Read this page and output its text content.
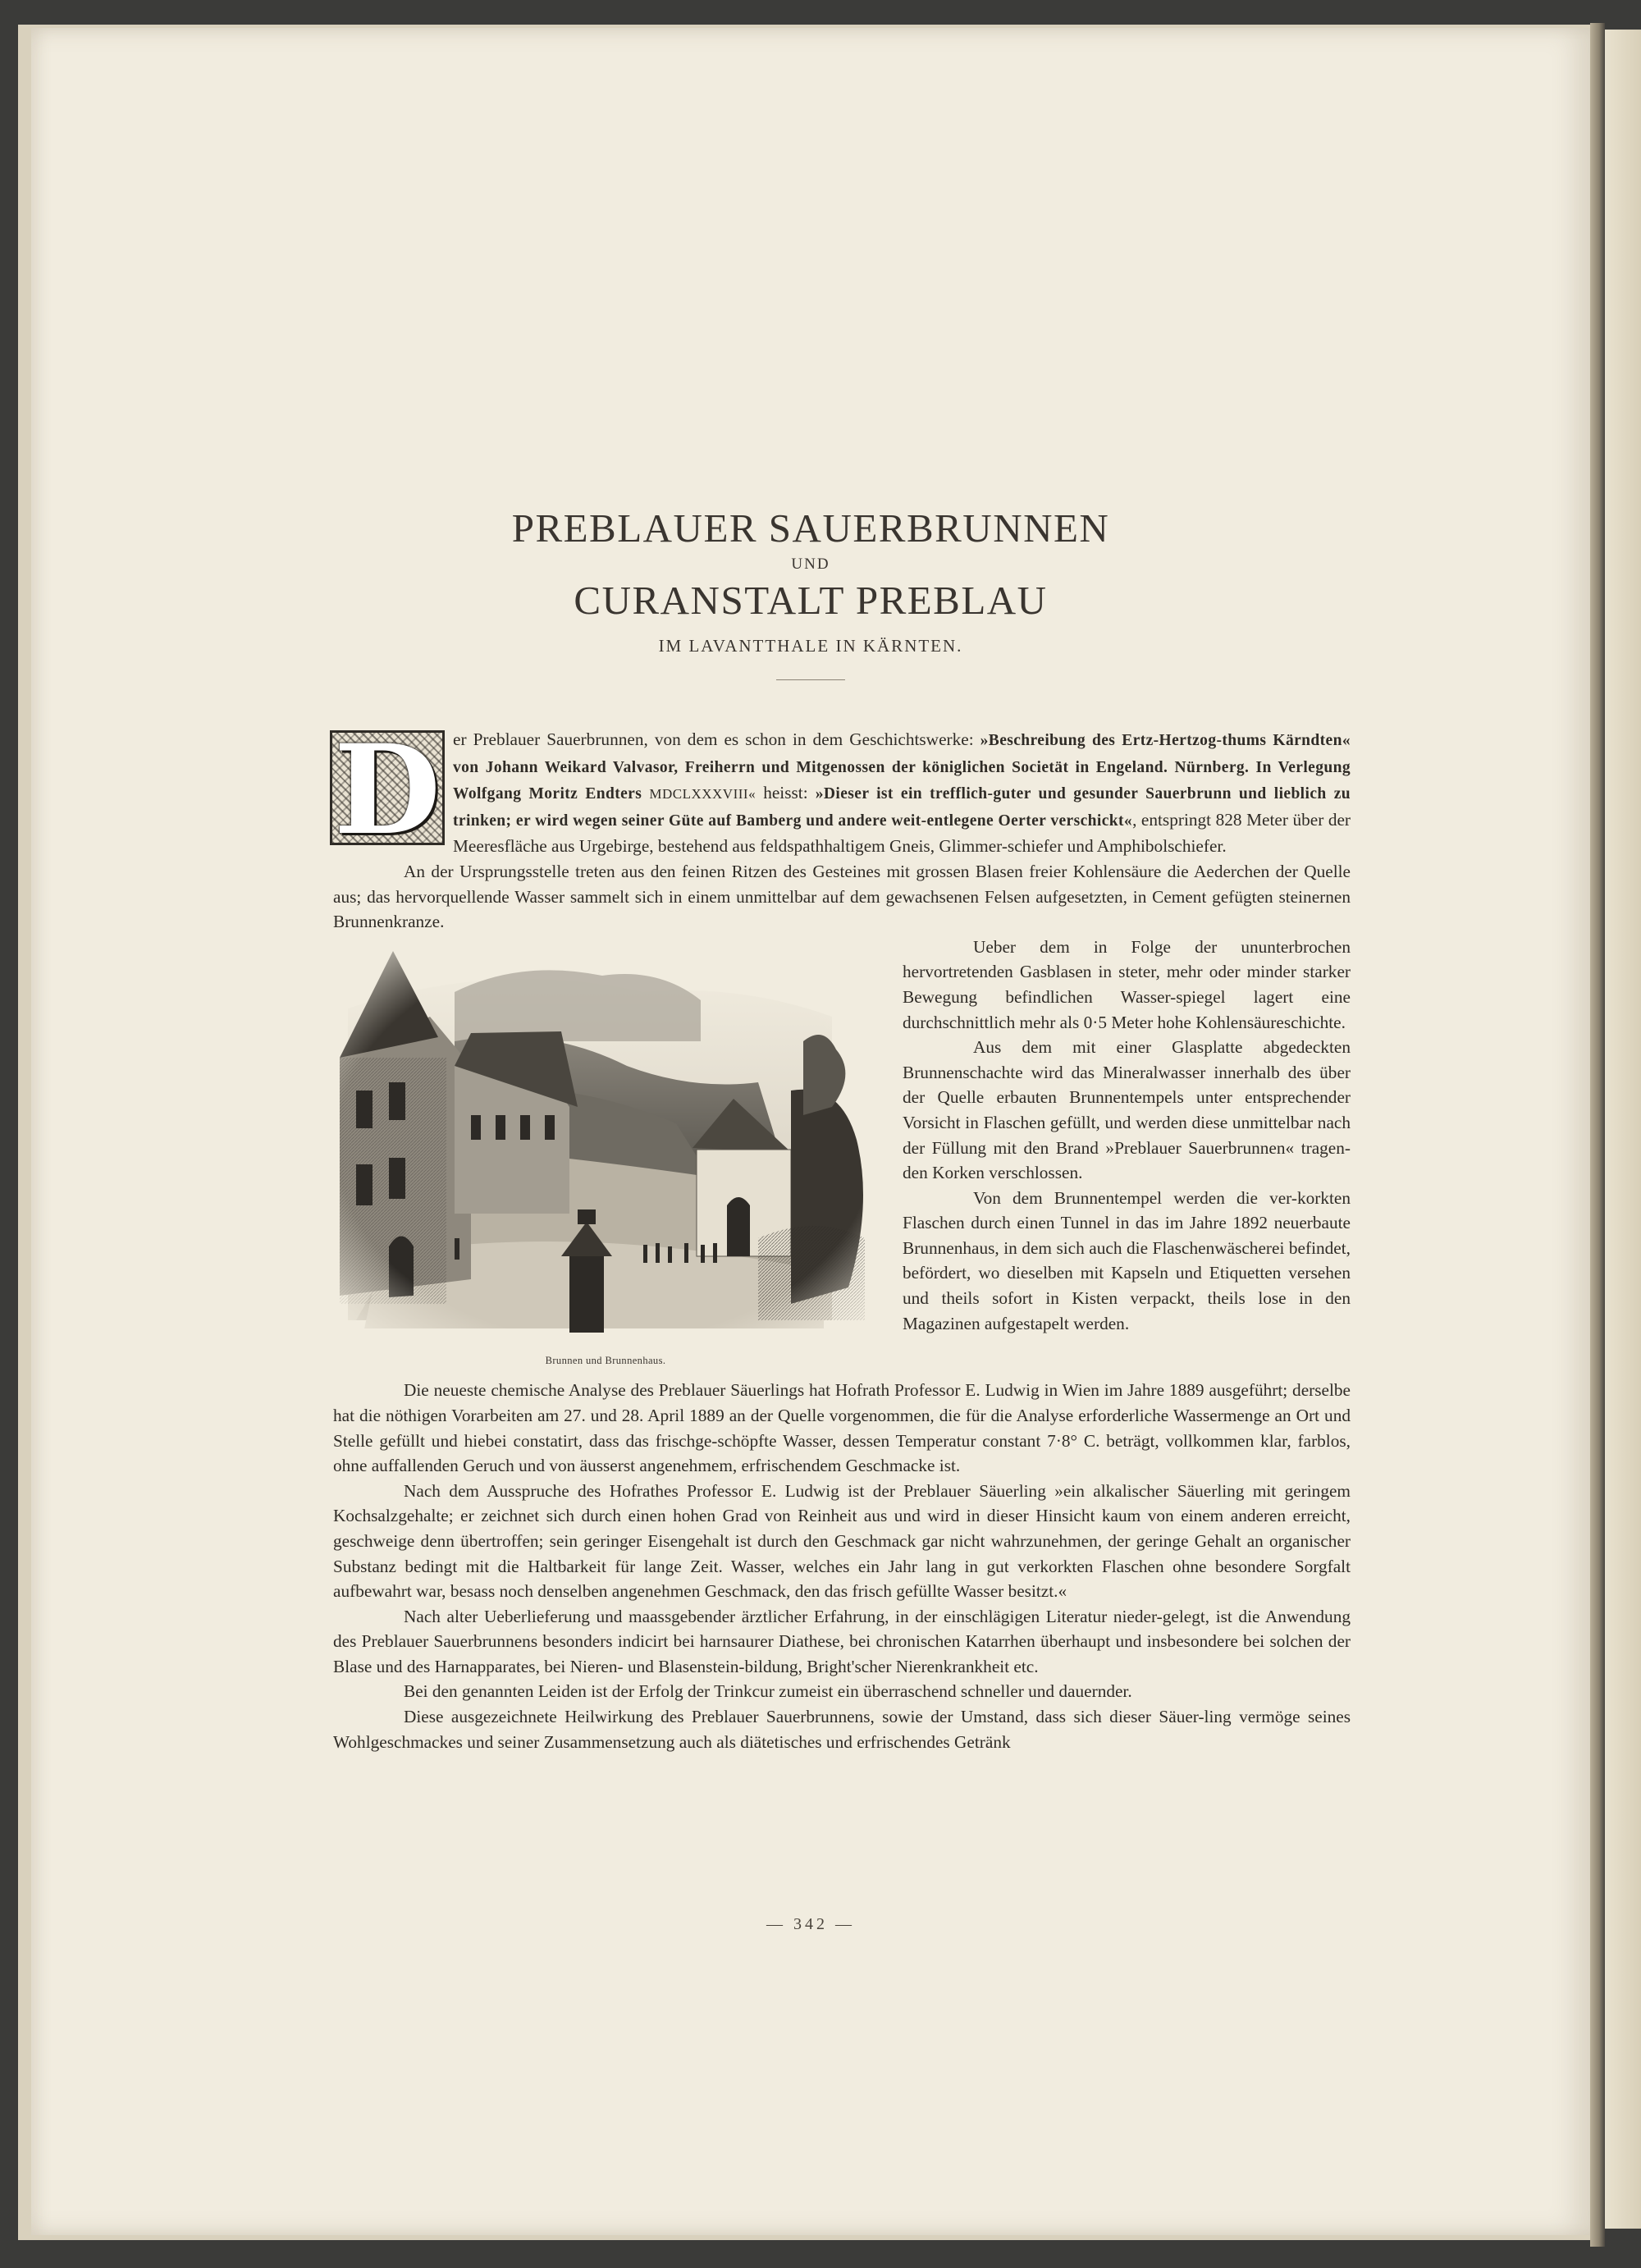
PREBLAUER SAUERBRUNNEN
UND
CURANSTALT PREBLAU
IM LAVANTTHALE IN KÄRNTEN.

D er Preblauer Sauerbrunnen, von dem es schon in dem Geschichtswerke: »Beschreibung des Ertz-Hertzog-thums Kärndten« von Johann Weikard Valvasor, Freiherrn und Mitgenossen der königlichen Societät in Engeland. Nürnberg. In Verlegung Wolfgang Moritz Endters MDCLXXXVIII« heisst: »Dieser ist ein trefflich-guter und gesunder Sauerbrunn und lieblich zu trinken; er wird wegen seiner Güte auf Bamberg und andere weit-entlegene Oerter verschickt«, entspringt 828 Meter über der Meeresfläche aus Urgebirge, bestehend aus feldspathhaltigem Gneis, Glimmer-schiefer und Amphibolschiefer.

An der Ursprungsstelle treten aus den feinen Ritzen des Gesteines mit grossen Blasen freier Kohlensäure die Aederchen der Quelle aus; das hervorquellende Wasser sammelt sich in einem unmittelbar auf dem gewachsenen Felsen aufgesetzten, in Cement gefügten steinernen Brunnenkranze.

Brunnen und Brunnenhaus.

Ueber dem in Folge der ununterbrochen hervortretenden Gasblasen in steter, mehr oder minder starker Bewegung befindlichen Wasser-spiegel lagert eine durchschnittlich mehr als 0·5 Meter hohe Kohlensäureschichte.

Aus dem mit einer Glasplatte abgedeckten Brunnenschachte wird das Mineralwasser innerhalb des über der Quelle erbauten Brunnentempels unter entsprechender Vorsicht in Flaschen gefüllt, und werden diese unmittelbar nach der Füllung mit den Brand »Preblauer Sauerbrunnen« tragen-den Korken verschlossen.

Von dem Brunnentempel werden die ver-korkten Flaschen durch einen Tunnel in das im Jahre 1892 neuerbaute Brunnenhaus, in dem sich auch die Flaschenwäscherei befindet, befördert, wo dieselben mit Kapseln und Etiquetten versehen und theils sofort in Kisten verpackt, theils lose in den Magazinen aufgestapelt werden.

Die neueste chemische Analyse des Preblauer Säuerlings hat Hofrath Professor E. Ludwig in Wien im Jahre 1889 ausgeführt; derselbe hat die nöthigen Vorarbeiten am 27. und 28. April 1889 an der Quelle vorgenommen, die für die Analyse erforderliche Wassermenge an Ort und Stelle gefüllt und hiebei constatirt, dass das frischge-schöpfte Wasser, dessen Temperatur constant 7·8° C. beträgt, vollkommen klar, farblos, ohne auffallenden Geruch und von äusserst angenehmem, erfrischendem Geschmacke ist.

Nach dem Ausspruche des Hofrathes Professor E. Ludwig ist der Preblauer Säuerling »ein alkalischer Säuerling mit geringem Kochsalzgehalte; er zeichnet sich durch einen hohen Grad von Reinheit aus und wird in dieser Hinsicht kaum von einem anderen erreicht, geschweige denn übertroffen; sein geringer Eisengehalt ist durch den Geschmack gar nicht wahrzunehmen, der geringe Gehalt an organischer Substanz bedingt mit die Haltbarkeit für lange Zeit. Wasser, welches ein Jahr lang in gut verkorkten Flaschen ohne besondere Sorgfalt aufbewahrt war, besass noch denselben angenehmen Geschmack, den das frisch gefüllte Wasser besitzt.«

Nach alter Ueberlieferung und maassgebender ärztlicher Erfahrung, in der einschlägigen Literatur nieder-gelegt, ist die Anwendung des Preblauer Sauerbrunnens besonders indicirt bei harnsaurer Diathese, bei chronischen Katarrhen überhaupt und insbesondere bei solchen der Blase und des Harnapparates, bei Nieren- und Blasenstein-bildung, Bright'scher Nierenkrankheit etc.

Bei den genannten Leiden ist der Erfolg der Trinkcur zumeist ein überraschend schneller und dauernder.

Diese ausgezeichnete Heilwirkung des Preblauer Sauerbrunnens, sowie der Umstand, dass sich dieser Säuer-ling vermöge seines Wohlgeschmackes und seiner Zusammensetzung auch als diätetisches und erfrischendes Getränk

— 342 —
